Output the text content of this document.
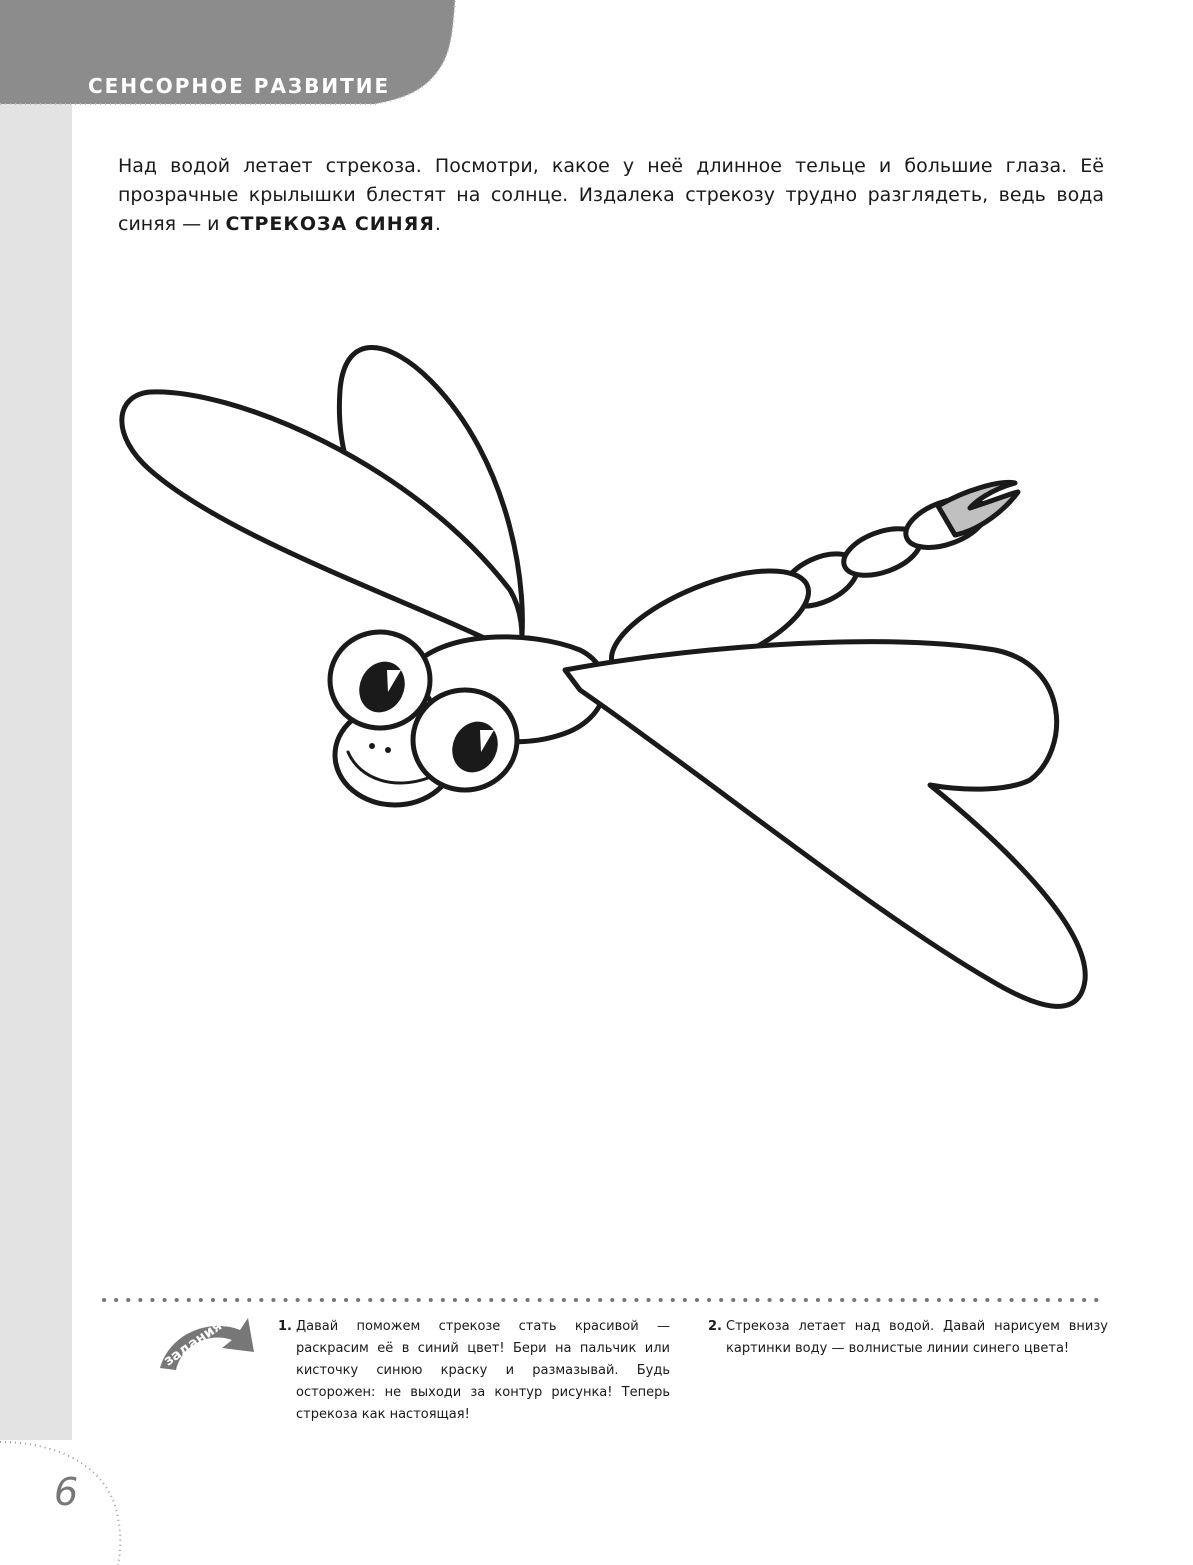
СЕНСОРНОЕ РАЗВИТИЕ
Над водой летает стрекоза. Посмотри, какое у неё длинное тельце и большие глаза. Её прозрачные крылышки блестят на солнце. Издалека стрекозу трудно разглядеть, ведь вода синяя — и СТРЕКОЗА СИНЯЯ.
задания:	1. Давай поможем стрекозе стать красивой — раскрасим её в синий цвет! Бери на пальчик или кисточку синюю краску и размазывай. Будь осторожен: не выходи за контур рисунка! Теперь стрекоза как настоящая!
2. Стрекоза летает над водой. Давай нарисуем внизу картинки воду — волнистые линии синего цвета!
6
